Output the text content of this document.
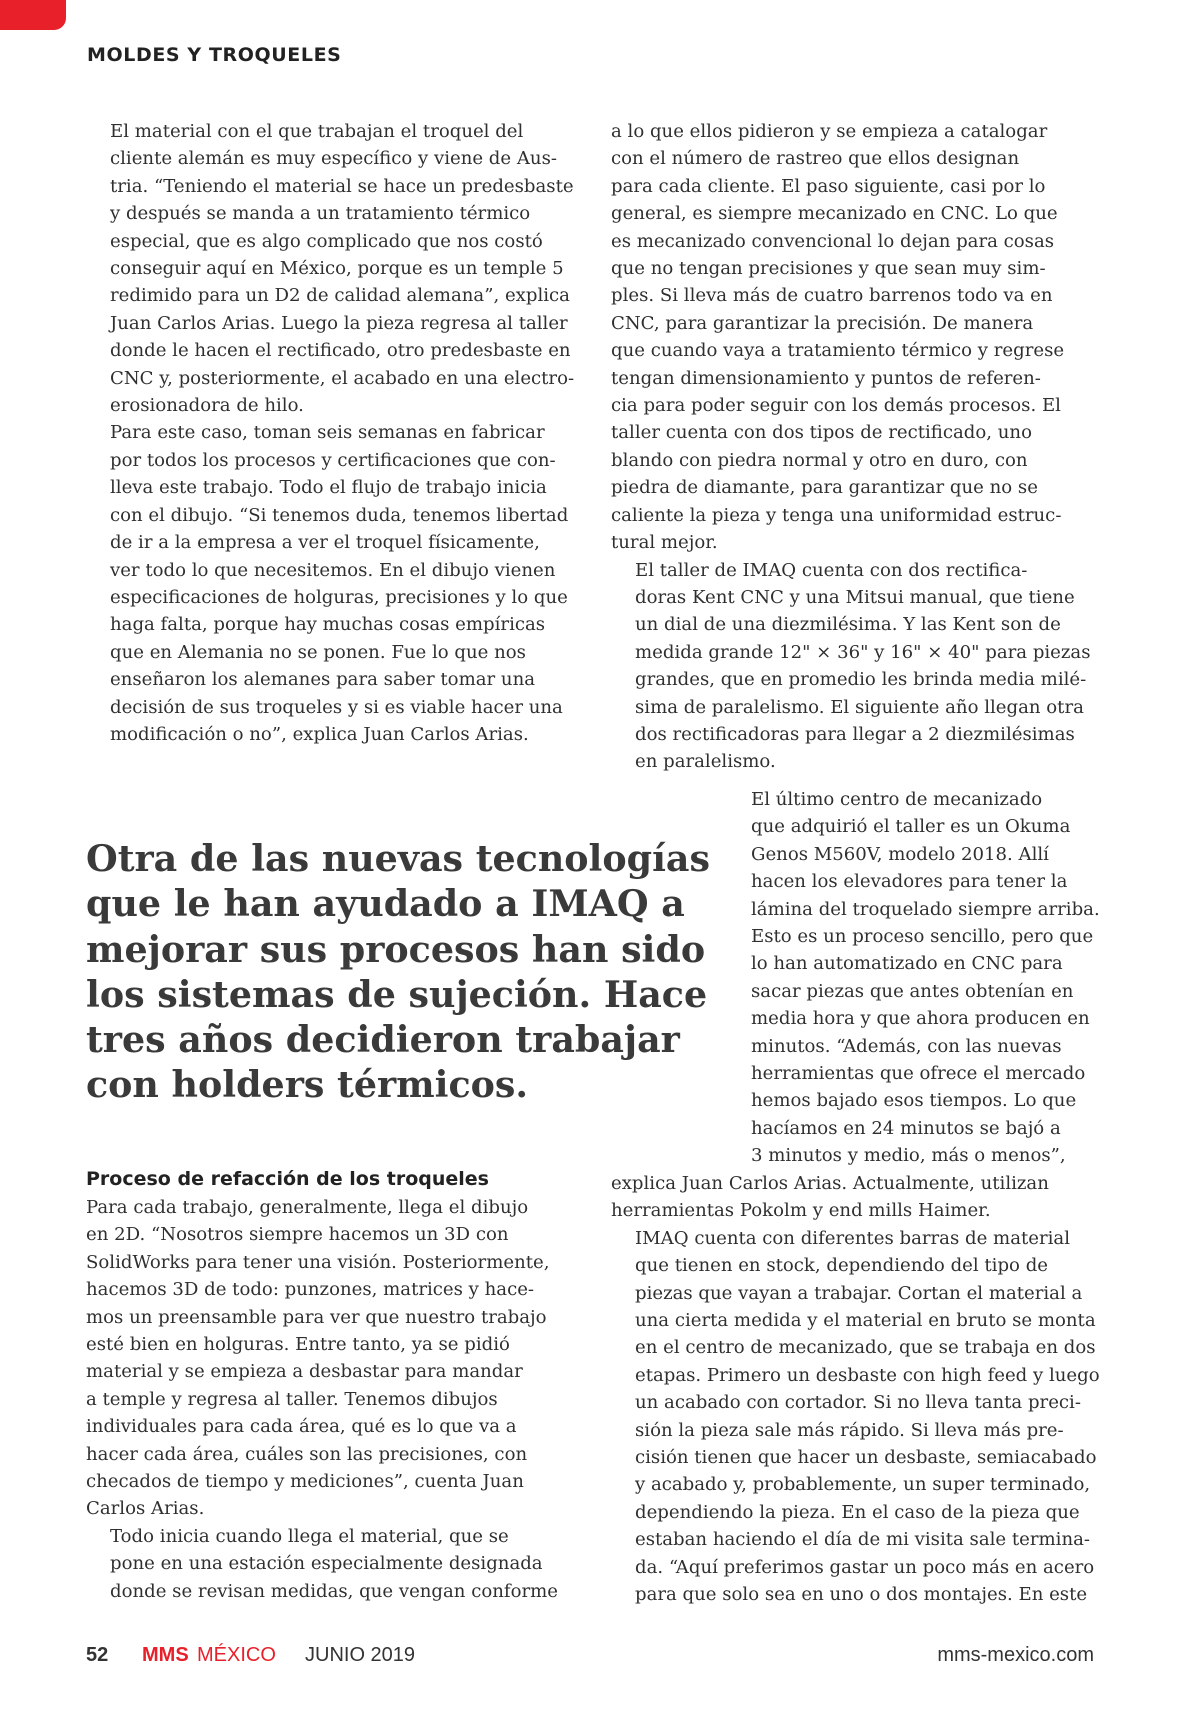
MOLDES Y TROQUELES

El material con el que trabajan el troquel del
cliente alemán es muy específico y viene de Aus-
tria. “Teniendo el material se hace un predesbaste
y después se manda a un tratamiento térmico
especial, que es algo complicado que nos costó
conseguir aquí en México, porque es un temple 5
redimido para un D2 de calidad alemana”, explica
Juan Carlos Arias. Luego la pieza regresa al taller
donde le hacen el rectificado, otro predesbaste en
CNC y, posteriormente, el acabado en una electro-
erosionadora de hilo.

Para este caso, toman seis semanas en fabricar
por todos los procesos y certificaciones que con-
lleva este trabajo. Todo el flujo de trabajo inicia
con el dibujo. “Si tenemos duda, tenemos libertad
de ir a la empresa a ver el troquel físicamente,
ver todo lo que necesitemos. En el dibujo vienen
especificaciones de holguras, precisiones y lo que
haga falta, porque hay muchas cosas empíricas
que en Alemania no se ponen. Fue lo que nos
enseñaron los alemanes para saber tomar una
decisión de sus troqueles y si es viable hacer una
modificación o no”, explica Juan Carlos Arias.

Otra de las nuevas tecnologías
que le han ayudado a IMAQ a
mejorar sus procesos han sido
los sistemas de sujeción. Hace
tres años decidieron trabajar
con holders térmicos.
Proceso de refacción de los troqueles

Para cada trabajo, generalmente, llega el dibujo
en 2D. “Nosotros siempre hacemos un 3D con
SolidWorks para tener una visión. Posteriormente,
hacemos 3D de todo: punzones, matrices y hace-
mos un preensamble para ver que nuestro trabajo
esté bien en holguras. Entre tanto, ya se pidió
material y se empieza a desbastar para mandar
a temple y regresa al taller. Tenemos dibujos
individuales para cada área, qué es lo que va a
hacer cada área, cuáles son las precisiones, con
checados de tiempo y mediciones”, cuenta Juan
Carlos Arias.

Todo inicia cuando llega el material, que se
pone en una estación especialmente designada
donde se revisan medidas, que vengan conforme

a lo que ellos pidieron y se empieza a catalogar
con el número de rastreo que ellos designan
para cada cliente. El paso siguiente, casi por lo
general, es siempre mecanizado en CNC. Lo que
es mecanizado convencional lo dejan para cosas
que no tengan precisiones y que sean muy sim-
ples. Si lleva más de cuatro barrenos todo va en
CNC, para garantizar la precisión. De manera
que cuando vaya a tratamiento térmico y regrese
tengan dimensionamiento y puntos de referen-
cia para poder seguir con los demás procesos. El
taller cuenta con dos tipos de rectificado, uno
blando con piedra normal y otro en duro, con
piedra de diamante, para garantizar que no se
caliente la pieza y tenga una uniformidad estruc-
tural mejor.

El taller de IMAQ cuenta con dos rectifica-
doras Kent CNC y una Mitsui manual, que tiene
un dial de una diezmilésima. Y las Kent son de
medida grande 12" × 36" y 16" × 40" para piezas
grandes, que en promedio les brinda media milé-
sima de paralelismo. El siguiente año llegan otra
dos rectificadoras para llegar a 2 diezmilésimas
en paralelismo.

El último centro de mecanizado
que adquirió el taller es un Okuma
Genos M560V, modelo 2018. Allí
hacen los elevadores para tener la
lámina del troquelado siempre arriba.
Esto es un proceso sencillo, pero que
lo han automatizado en CNC para
sacar piezas que antes obtenían en
media hora y que ahora producen en
minutos. “Además, con las nuevas
herramientas que ofrece el mercado
hemos bajado esos tiempos. Lo que
hacíamos en 24 minutos se bajó a
3 minutos y medio, más o menos”,

explica Juan Carlos Arias. Actualmente, utilizan
herramientas Pokolm y end mills Haimer.

IMAQ cuenta con diferentes barras de material
que tienen en stock, dependiendo del tipo de
piezas que vayan a trabajar. Cortan el material a
una cierta medida y el material en bruto se monta
en el centro de mecanizado, que se trabaja en dos
etapas. Primero un desbaste con high feed y luego
un acabado con cortador. Si no lleva tanta preci-
sión la pieza sale más rápido. Si lleva más pre-
cisión tienen que hacer un desbaste, semiacabado
y acabado y, probablemente, un super terminado,
dependiendo la pieza. En el caso de la pieza que
estaban haciendo el día de mi visita sale termina-
da. “Aquí preferimos gastar un poco más en acero
para que solo sea en uno o dos montajes. En este

52 MMS MÉXICO JUNIO 2019	mms-mexico.com
